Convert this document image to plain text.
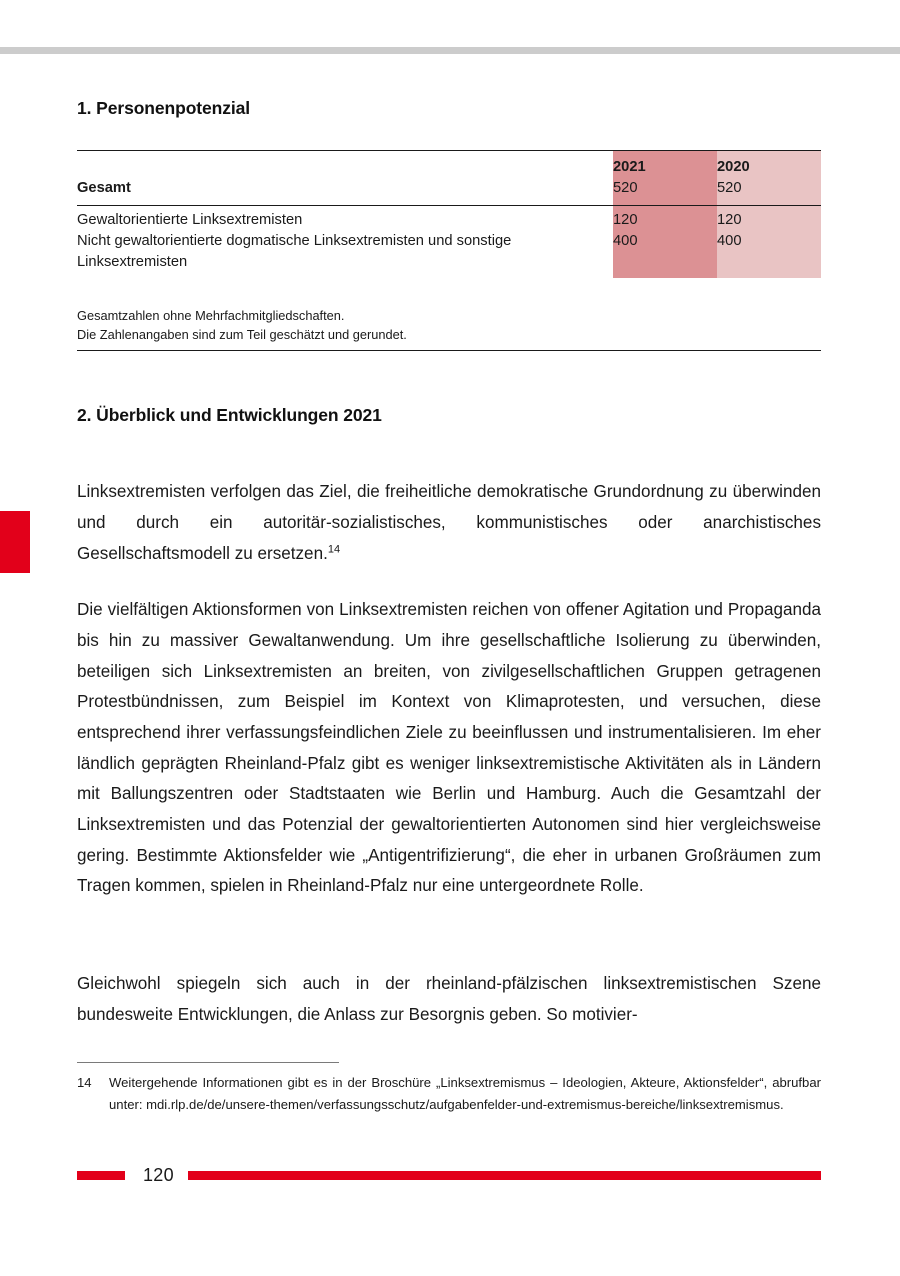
1. Personenpotenzial
	2021	2020
Gesamt	520	520
Gewaltorientierte Linksextremisten	120	120
Nicht gewaltorientierte dogmatische Linksextremisten und sonstige Linksextremisten	400	400
Gesamtzahlen ohne Mehrfachmitgliedschaften.
Die Zahlenangaben sind zum Teil geschätzt und gerundet.
2. Überblick und Entwicklungen 2021

Linksextremisten verfolgen das Ziel, die freiheitliche demokratische Grundordnung zu überwinden und durch ein autoritär-sozialistisches, kommunistisches oder anarchistisches Gesellschaftsmodell zu ersetzen.$^{14}$

Die vielfältigen Aktionsformen von Linksextremisten reichen von offener Agitation und Propaganda bis hin zu massiver Gewaltanwendung. Um ihre gesellschaftliche Isolierung zu überwinden, beteiligen sich Linksextremisten an breiten, von zivilgesellschaftlichen Gruppen getragenen Protestbündnissen, zum Beispiel im Kontext von Klimaprotesten, und versuchen, diese entsprechend ihrer verfassungsfeindlichen Ziele zu beeinflussen und instrumentalisieren. Im eher ländlich geprägten Rheinland-Pfalz gibt es weniger linksextremistische Aktivitäten als in Ländern mit Ballungszentren oder Stadtstaaten wie Berlin und Hamburg. Auch die Gesamtzahl der Linksextremisten und das Potenzial der gewaltorientierten Autonomen sind hier vergleichsweise gering. Bestimmte Aktionsfelder wie „Antigentrifizierung“, die eher in urbanen Großräumen zum Tragen kommen, spielen in Rheinland-Pfalz nur eine untergeordnete Rolle.

Gleichwohl spiegeln sich auch in der rheinland-pfälzischen linksextremistischen Szene bundesweite Entwicklungen, die Anlass zur Besorgnis geben. So motivier-

14	Weitergehende Informationen gibt es in der Broschüre „Linksextremismus – Ideologien, Akteure, Aktionsfelder“, abrufbar unter: mdi.rlp.de/de/unsere-themen/verfassungsschutz/aufgabenfelder-und-extremismus-bereiche/linksextremismus.
120
